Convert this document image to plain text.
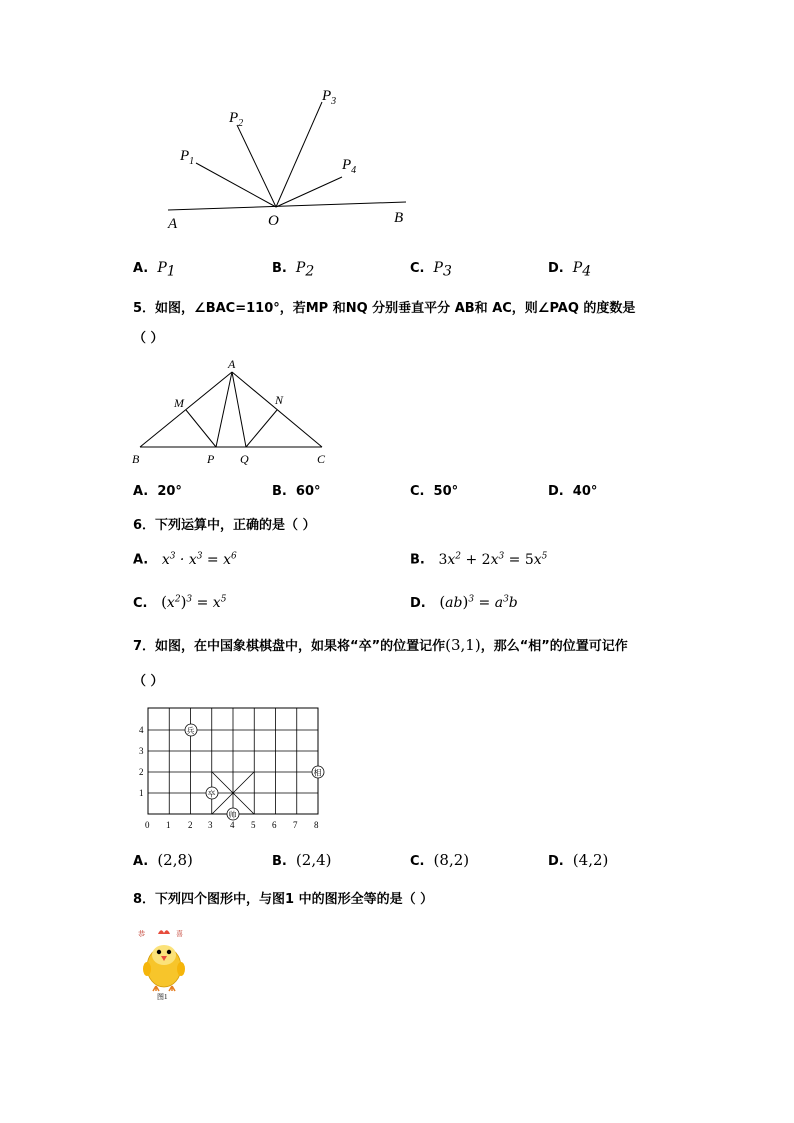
$P_1$
$P_2$
$P_3$
$P_4$
A	O	B
A. $P_1$	B. $P_2$	C. $P_3$	D. $P_4$
5．如图，∠BAC=110°，若MP 和NQ 分别垂直平分 AB和 AC，则∠PAQ 的度数是
（ ）
A
M	N
B	P Q	C
A. 20°	B. 60°	C. 50°	D. 40°
6．下列运算中，正确的是（ ）
A. $x^3 \cdot x^3 = x^6$	B. $3x^2 + 2x^3 = 5x^5$
C. $(x^2)^3 = x^5$	D. $(ab)^3 = a^3b$
7．如图，在中国象棋棋盘中，如果将“卒”的位置记作(3,1)，那么“相”的位置可记作
（ ）
0 1 2 3 4 5 6 7 8
1
2
3
4	兵
卒
帅
相
A. (2,8)	B. (2,4)	C. (8,2)	D. (4,2)
8．下列四个图形中，与图1 中的图形全等的是（ ）
恭	喜
图1
